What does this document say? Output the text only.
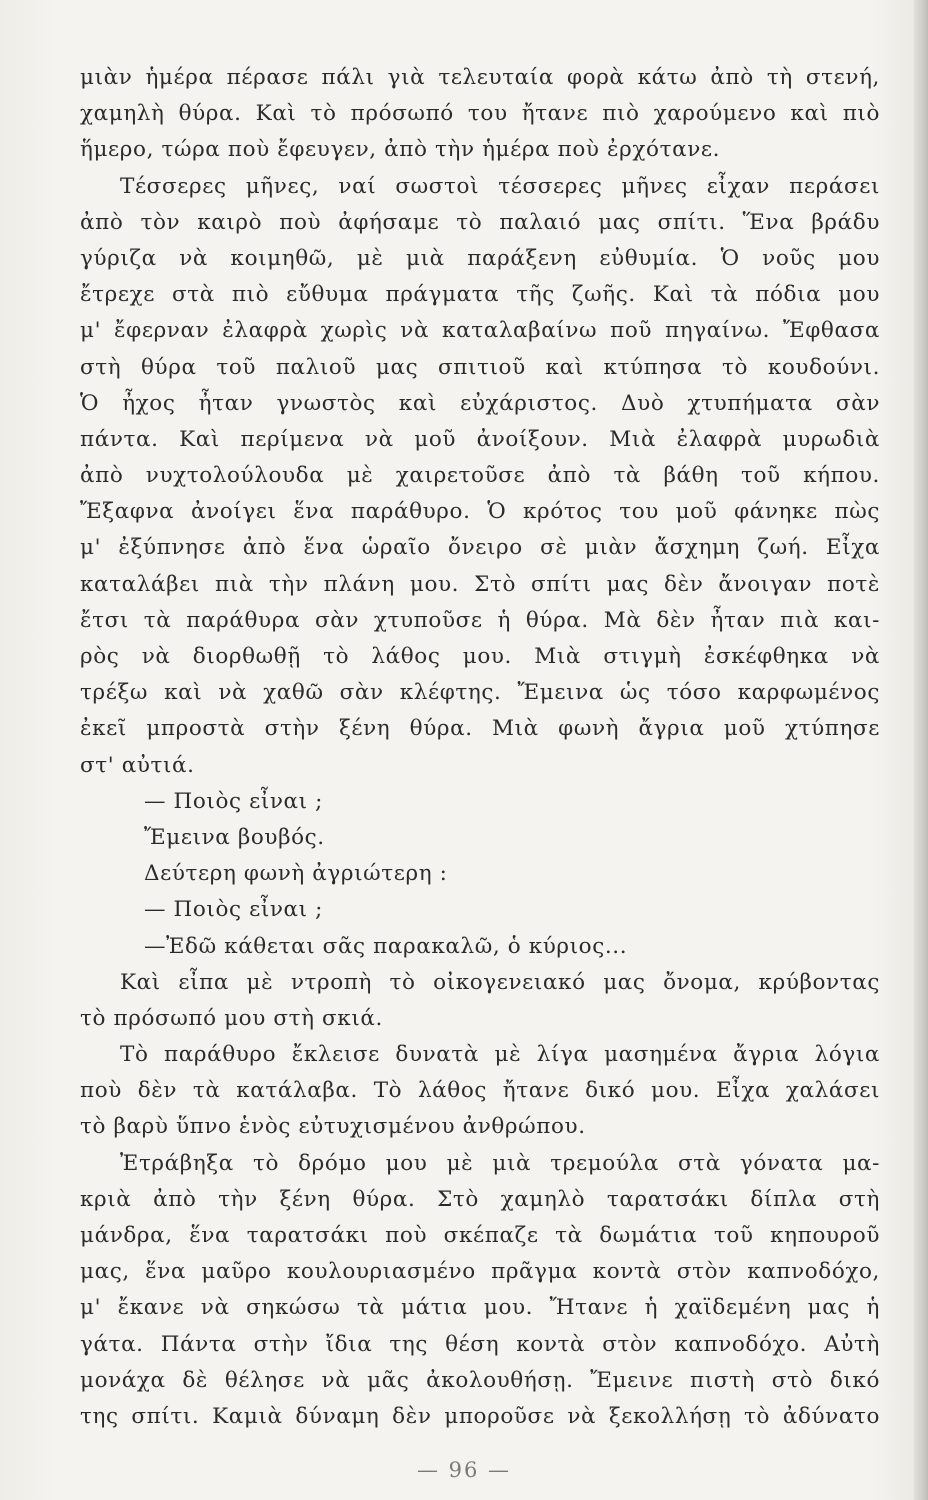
μιὰν ἡμέρα πέρασε πάλι γιὰ τελευταία φορὰ κάτω ἀπὸ τὴ στενή,
χαμηλὴ θύρα. Καὶ τὸ πρόσωπό του ἤτανε πιὸ χαρούμενο καὶ πιὸ
ἥμερο, τώρα ποὺ ἔφευγεν, ἀπὸ τὴν ἡμέρα ποὺ ἐρχότανε.
Τέσσερες μῆνες, ναί σωστοὶ τέσσερες μῆνες εἶχαν περάσει
ἀπὸ τὸν καιρὸ ποὺ ἀφήσαμε τὸ παλαιό μας σπίτι. Ἕνα βράδυ
γύριζα νὰ κοιμηθῶ, μὲ μιὰ παράξενη εὐθυμία. Ὁ νοῦς μου
ἔτρεχε στὰ πιὸ εὔθυμα πράγματα τῆς ζωῆς. Καὶ τὰ πόδια μου
μ' ἔφερναν ἐλαφρὰ χωρὶς νὰ καταλαβαίνω ποῦ πηγαίνω. Ἔφθασα
στὴ θύρα τοῦ παλιοῦ μας σπιτιοῦ καὶ κτύπησα τὸ κουδούνι.
Ὁ ἦχος ἦταν γνωστὸς καὶ εὐχάριστος. Δυὸ χτυπήματα σὰν
πάντα. Καὶ περίμενα νὰ μοῦ ἀνοίξουν. Μιὰ ἐλαφρὰ μυρωδιὰ
ἀπὸ νυχτολούλουδα μὲ χαιρετοῦσε ἀπὸ τὰ βάθη τοῦ κήπου.
Ἔξαφνα ἀνοίγει ἕνα παράθυρο. Ὁ κρότος του μοῦ φάνηκε πὼς
μ' ἐξύπνησε ἀπὸ ἕνα ὡραῖο ὄνειρο σὲ μιὰν ἄσχημη ζωή. Εἶχα
καταλάβει πιὰ τὴν πλάνη μου. Στὸ σπίτι μας δὲν ἄνοιγαν ποτὲ
ἔτσι τὰ παράθυρα σὰν χτυποῦσε ἡ θύρα. Μὰ δὲν ἦταν πιὰ και-
ρὸς νὰ διορθωθῇ τὸ λάθος μου. Μιὰ στιγμὴ ἐσκέφθηκα νὰ
τρέξω καὶ νὰ χαθῶ σὰν κλέφτης. Ἔμεινα ὡς τόσο καρφωμένος
ἐκεῖ μπροστὰ στὴν ξένη θύρα. Μιὰ φωνὴ ἄγρια μοῦ χτύπησε
στ' αὐτιά.
— Ποιὸς εἶναι ;
Ἔμεινα βουβός.
Δεύτερη φωνὴ ἀγριώτερη :
— Ποιὸς εἶναι ;
—Ἐδῶ κάθεται σᾶς παρακαλῶ, ὁ κύριος...
Καὶ εἶπα μὲ ντροπὴ τὸ οἰκογενειακό μας ὄνομα, κρύβοντας
τὸ πρόσωπό μου στὴ σκιά.
Τὸ παράθυρο ἔκλεισε δυνατὰ μὲ λίγα μασημένα ἄγρια λόγια
ποὺ δὲν τὰ κατάλαβα. Τὸ λάθος ἤτανε δικό μου. Εἶχα χαλάσει
τὸ βαρὺ ὕπνο ἑνὸς εὐτυχισμένου ἀνθρώπου.
Ἐτράβηξα τὸ δρόμο μου μὲ μιὰ τρεμούλα στὰ γόνατα μα-
κριὰ ἀπὸ τὴν ξένη θύρα. Στὸ χαμηλὸ ταρατσάκι δίπλα στὴ
μάνδρα, ἕνα ταρατσάκι ποὺ σκέπαζε τὰ δωμάτια τοῦ κηπουροῦ
μας, ἕνα μαῦρο κουλουριασμένο πρᾶγμα κοντὰ στὸν καπνοδόχο,
μ' ἔκανε νὰ σηκώσω τὰ μάτια μου. Ἤτανε ἡ χαϊδεμένη μας ἡ
γάτα. Πάντα στὴν ἴδια της θέση κοντὰ στὸν καπνοδόχο. Αὐτὴ
μονάχα δὲ θέλησε νὰ μᾶς ἀκολουθήσῃ. Ἔμεινε πιστὴ στὸ δικό
της σπίτι. Καμιὰ δύναμη δὲν μποροῦσε νὰ ξεκολλήσῃ τὸ ἀδύνατο
— 96 —
